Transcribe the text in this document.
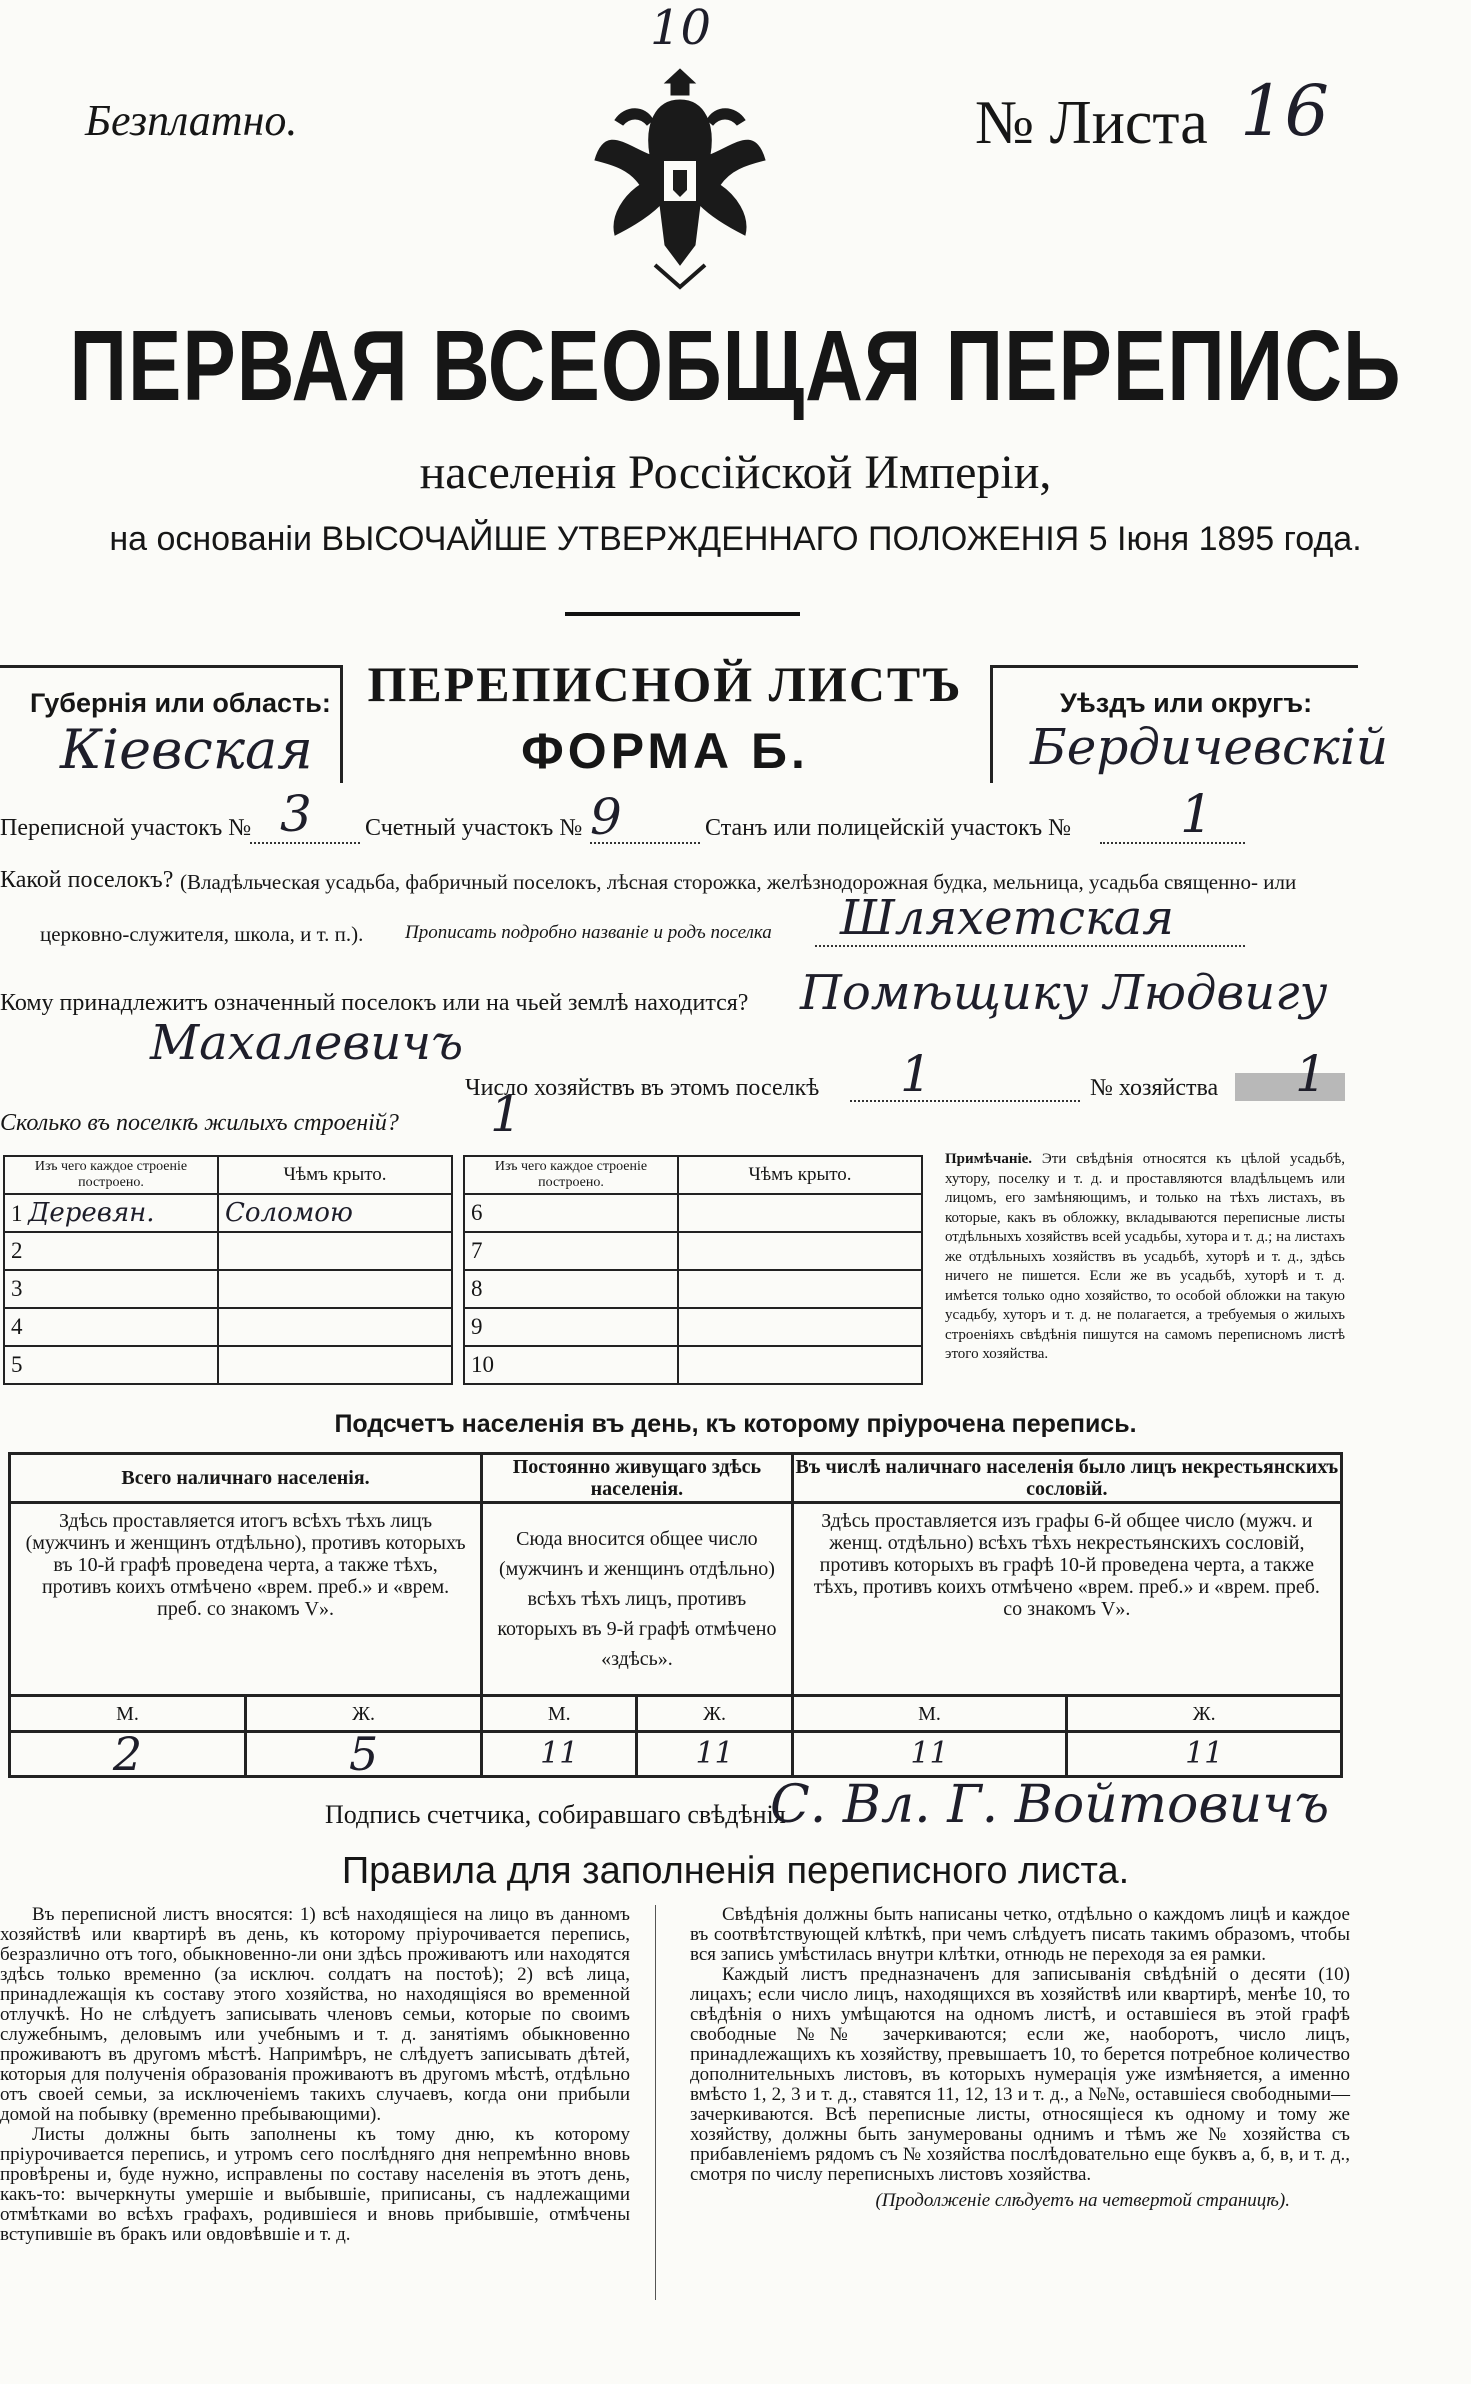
10
Безплатно.	№ Листа 16
ПЕРВАЯ ВСЕОБЩАЯ ПЕРЕПИСЬ
населенія Россійской Имперіи,
на основаніи ВЫСОЧАЙШЕ УТВЕРЖДЕННАГО ПОЛОЖЕНІЯ 5 Іюня 1895 года.
Губернія или область:
Кіевская
Уѣздъ или округъ:
Бердичевскій
ПЕРЕПИСНОЙ ЛИСТЪ
ФОРМА Б.
Переписной участокъ № 3 Счетный участокъ № 9	Станъ или полицейскій участокъ № 1
Какой поселокъ? (Владѣльческая усадьба, фабричный поселокъ, лѣсная сторожка, желѣзнодорожная будка, мельница, усадьба священно- или
церковно-служителя, школа, и т. п.). Прописать подробно названіе и родъ поселка Шляхетская
Кому принадлежитъ означенный поселокъ или на чьей землѣ находится? Помѣщику Людвигу
Махалевичъ
Число хозяйствъ въ этомъ поселкѣ 1	№ хозяйства 1
Сколько въ поселкѣ жилыхъ строеній? 1
Изъ чего каждое строеніе построено.	Чѣмъ крыто.
1 Деревян.	Соломою
2	
3	
4	
5	
Изъ чего каждое строеніе построено.	Чѣмъ крыто.
6	
7	
8	
9	
10	
Примѣчаніе. Эти свѣдѣнія относятся къ цѣлой усадьбѣ, хутору, поселку и т. д. и проставляются владѣльцемъ или лицомъ, его замѣняющимъ, и только на тѣхъ листахъ, въ которые, какъ въ обложку, вкладываются переписные листы отдѣльныхъ хозяйствъ всей усадьбы, хутора и т. д.; на листахъ же отдѣльныхъ хозяйствъ въ усадьбѣ, хуторѣ и т. д., здѣсь ничего не пишется. Если же въ усадьбѣ, хуторѣ и т. д. имѣется только одно хозяйство, то особой обложки на такую усадьбу, хуторъ и т. д. не полагается, а требуемыя о жилыхъ строеніяхъ свѣдѣнія пишутся на самомъ переписномъ листѣ этого хозяйства.
Подсчетъ населенія въ день, къ которому пріурочена перепись.
Всего наличнаго населенія.		Постоянно живущаго здѣсь населенія.		Въ числѣ наличнаго населенія было лицъ некрестьянскихъ сословій.	
Здѣсь проставляется итогъ всѣхъ тѣхъ лицъ (мужчинъ и женщинъ отдѣльно), противъ которыхъ въ 10-й графѣ проведена черта, а также тѣхъ, противъ коихъ отмѣчено «врем. преб.» и «врем. преб. со знакомъ V».		Сюда вносится общее число (мужчинъ и женщинъ отдѣльно) всѣхъ тѣхъ лицъ, противъ которыхъ въ 9-й графѣ отмѣчено «здѣсь».		Здѣсь проставляется изъ графы 6-й общее число (мужч. и женщ. отдѣльно) всѣхъ тѣхъ некрестьянскихъ сословій, противъ которыхъ въ графѣ 10-й проведена черта, а также тѣхъ, противъ коихъ отмѣчено «врем. преб.» и «врем. преб. со знакомъ V».	
М.	Ж.	М.	Ж.	М.	Ж.
2	5	11	11	11	11
Подпись счетчика, собиравшаго свѣдѣнія
С. Вл. Г. Войтовичъ
Правила для заполненія переписного листа.

Въ переписной листъ вносятся: 1) всѣ находящіеся на лицо въ данномъ хозяйствѣ или квартирѣ въ день, къ которому пріурочивается перепись, безразлично отъ того, обыкновенно-ли они здѣсь проживаютъ или находятся здѣсь только временно (за исключ. солдатъ на постоѣ); 2) всѣ лица, принадлежащія къ составу этого хозяйства, но находящіяся во временной отлучкѣ. Но не слѣдуетъ записывать членовъ семьи, которые по своимъ служебнымъ, деловымъ или учебнымъ и т. д. занятіямъ обыкновенно проживаютъ въ другомъ мѣстѣ. Напримѣръ, не слѣдуетъ записывать дѣтей, которыя для полученія образованія проживаютъ въ другомъ мѣстѣ, отдѣльно отъ своей семьи, за исключеніемъ такихъ случаевъ, когда они прибыли домой на побывку (временно пребывающими).

Листы должны быть заполнены къ тому дню, къ которому пріурочивается перепись, и утромъ сего послѣдняго дня непремѣнно вновь провѣрены и, буде нужно, исправлены по составу населенія въ этотъ день, какъ-то: вычеркнуты умершіе и выбывшіе, приписаны, съ надлежащими отмѣтками во всѣхъ графахъ, родившіеся и вновь прибывшіе, отмѣчены вступившіе въ бракъ или овдовѣвшіе и т. д.

Свѣдѣнія должны быть написаны четко, отдѣльно о каждомъ лицѣ и каждое въ соотвѣтствующей клѣткѣ, при чемъ слѣдуетъ писать такимъ образомъ, чтобы вся запись умѣстилась внутри клѣтки, отнюдь не переходя за ея рамки.

Каждый листъ предназначенъ для записыванія свѣдѣній о десяти (10) лицахъ; если число лицъ, находящихся въ хозяйствѣ или квартирѣ, менѣе 10, то свѣдѣнія о нихъ умѣщаются на одномъ листѣ, и оставшіеся въ этой графѣ свободные №№ зачеркиваются; если же, наоборотъ, число лицъ, принадлежащихъ къ хозяйству, превышаетъ 10, то берется потребное количество дополнительныхъ листовъ, въ которыхъ нумерація уже измѣняется, а именно вмѣсто 1, 2, 3 и т. д., ставятся 11, 12, 13 и т. д., а №№, оставшіеся свободными—зачеркиваются. Всѣ переписные листы, относящіеся къ одному и тому же хозяйству, должны быть занумерованы однимъ и тѣмъ же № хозяйства съ прибавленіемъ рядомъ съ № хозяйства послѣдовательно еще буквъ а, б, в, и т. д., смотря по числу переписныхъ листовъ хозяйства.

(Продолженіе слѣдуетъ на четвертой страницѣ).
